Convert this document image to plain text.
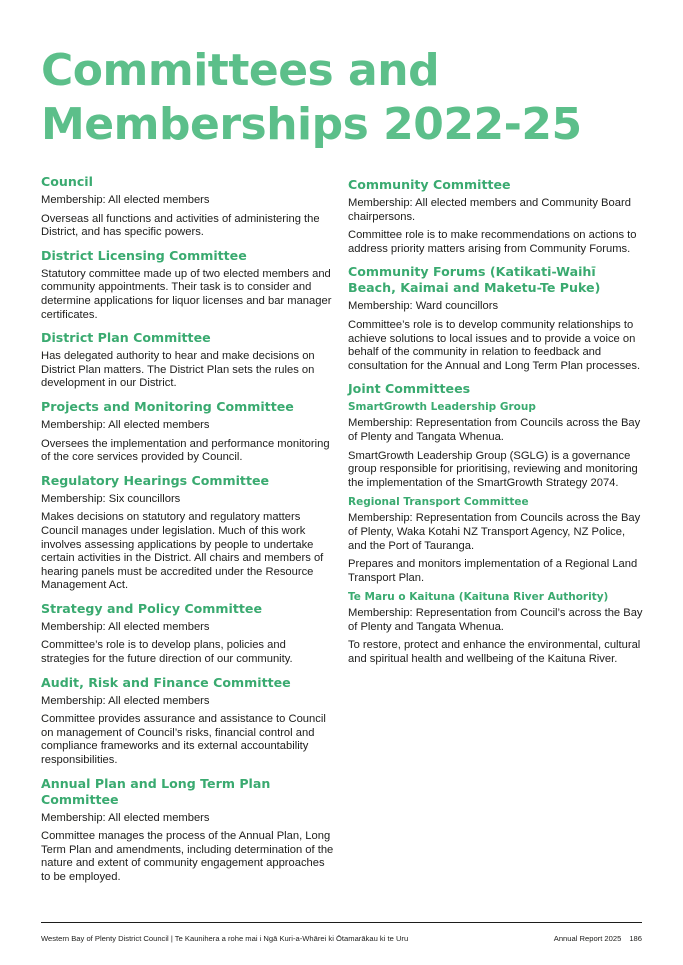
Committees and
Memberships 2022-25
Council

Membership: All elected members

Overseas all functions and activities of administering the District, and has specific powers.

District Licensing Committee

Statutory committee made up of two elected members and community appointments. Their task is to consider and determine applications for liquor licenses and bar manager certificates.

District Plan Committee

Has delegated authority to hear and make decisions on District Plan matters. The District Plan sets the rules on development in our District.

Projects and Monitoring Committee

Membership: All elected members

Oversees the implementation and performance monitoring of the core services provided by Council.

Regulatory Hearings Committee

Membership: Six councillors

Makes decisions on statutory and regulatory matters Council manages under legislation. Much of this work involves assessing applications by people to undertake certain activities in the District. All chairs and members of hearing panels must be accredited under the Resource Management Act.

Strategy and Policy Committee

Membership: All elected members

Committee’s role is to develop plans, policies and strategies for the future direction of our community.

Audit, Risk and Finance Committee

Membership: All elected members

Committee provides assurance and assistance to Council on management of Council’s risks, financial control and compliance frameworks and its external accountability responsibilities.

Annual Plan and Long Term Plan Committee

Membership: All elected members

Committee manages the process of the Annual Plan, Long Term Plan and amendments, including determination of the nature and extent of community engagement approaches to be employed.

Community Committee

Membership: All elected members and Community Board chairpersons.

Committee role is to make recommendations on actions to address priority matters arising from Community Forums.

Community Forums (Katikati-Waihī Beach, Kaimai and Maketu-Te Puke)

Membership: Ward councillors

Committee’s role is to develop community relationships to achieve solutions to local issues and to provide a voice on behalf of the community in relation to feedback and consultation for the Annual and Long Term Plan processes.

Joint Committees
SmartGrowth Leadership Group

Membership: Representation from Councils across the Bay of Plenty and Tangata Whenua.

SmartGrowth Leadership Group (SGLG) is a governance group responsible for prioritising, reviewing and monitoring the implementation of the SmartGrowth Strategy 2074.

Regional Transport Committee

Membership: Representation from Councils across the Bay of Plenty, Waka Kotahi NZ Transport Agency, NZ Police, and the Port of Tauranga.

Prepares and monitors implementation of a Regional Land Transport Plan.

Te Maru o Kaituna (Kaituna River Authority)

Membership: Representation from Council’s across the Bay of Plenty and Tangata Whenua.

To restore, protect and enhance the environmental, cultural and spiritual health and wellbeing of the Kaituna River.

Western Bay of Plenty District Council | Te Kaunihera a rohe mai i Ngā Kuri-a-Whārei ki Ōtamarākau ki te Uru	Annual Report 2025 186
